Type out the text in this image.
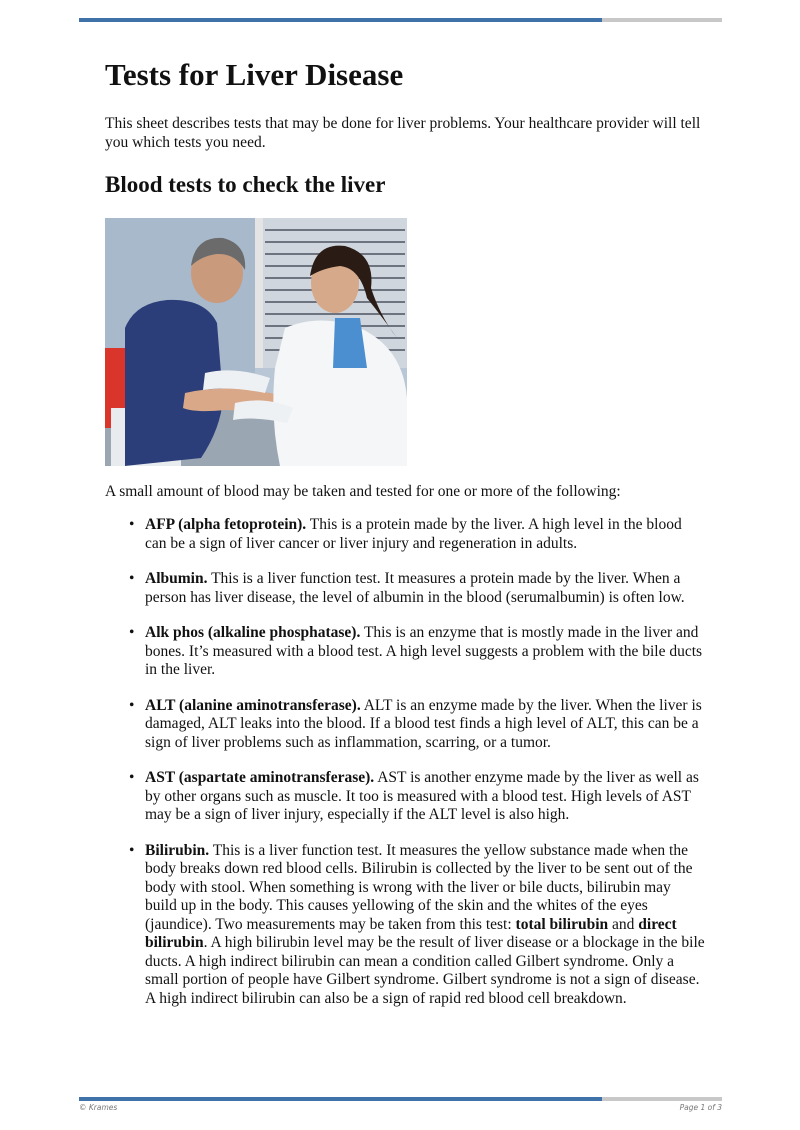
Tests for Liver Disease

This sheet describes tests that may be done for liver problems. Your healthcare provider will tell you which tests you need.

Blood tests to check the liver

A small amount of blood may be taken and tested for one or more of the following:

• AFP (alpha fetoprotein). This is a protein made by the liver. A high level in the blood can be a sign of liver cancer or liver injury and regeneration in adults.
• Albumin. This is a liver function test. It measures a protein made by the liver. When a person has liver disease, the level of albumin in the blood (serumalbumin) is often low.
• Alk phos (alkaline phosphatase). This is an enzyme that is mostly made in the liver and bones. It’s measured with a blood test. A high level suggests a problem with the bile ducts in the liver.
• ALT (alanine aminotransferase). ALT is an enzyme made by the liver. When the liver is damaged, ALT leaks into the blood. If a blood test finds a high level of ALT, this can be a sign of liver problems such as inflammation, scarring, or a tumor.
• AST (aspartate aminotransferase). AST is another enzyme made by the liver as well as by other organs such as muscle. It too is measured with a blood test. High levels of AST may be a sign of liver injury, especially if the ALT level is also high.
• Bilirubin. This is a liver function test. It measures the yellow substance made when the body breaks down red blood cells. Bilirubin is collected by the liver to be sent out of the body with stool. When something is wrong with the liver or bile ducts, bilirubin may build up in the body. This causes yellowing of the skin and the whites of the eyes (jaundice). Two measurements may be taken from this test: total bilirubin and direct bilirubin. A high bilirubin level may be the result of liver disease or a blockage in the bile ducts. A high indirect bilirubin can mean a condition called Gilbert syndrome. Only a small portion of people have Gilbert syndrome. Gilbert syndrome is not a sign of disease. A high indirect bilirubin can also be a sign of rapid red blood cell breakdown.
© Krames	Page 1 of 3
